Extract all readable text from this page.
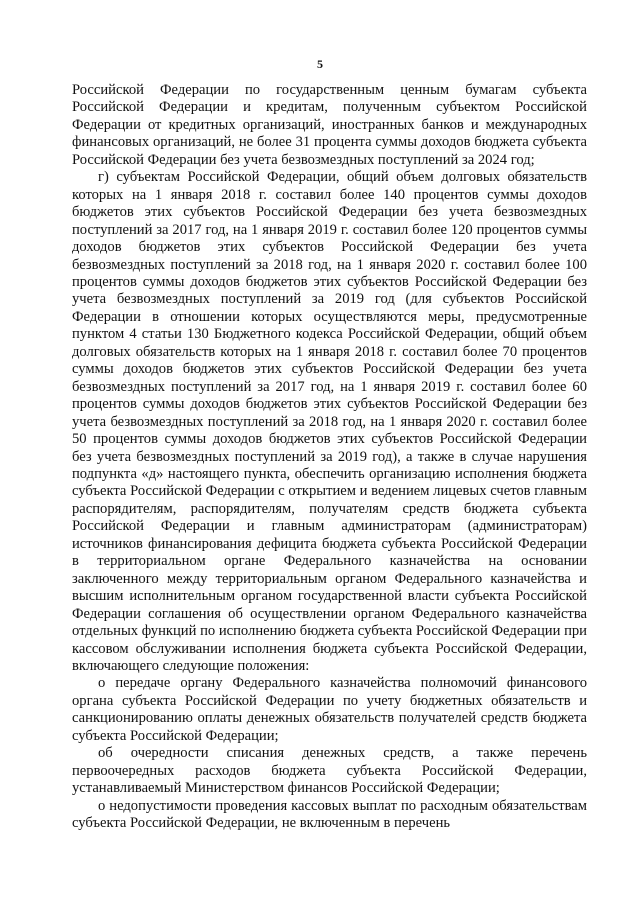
5

Российской Федерации по государственным ценным бумагам субъекта Российской Федерации и кредитам, полученным субъектом Российской Федерации от кредитных организаций, иностранных банков и международных финансовых организаций, не более 31 процента суммы доходов бюджета субъекта Российской Федерации без учета безвозмездных поступлений за 2024 год;

г) субъектам Российской Федерации, общий объем долговых обязательств которых на 1 января 2018 г. составил более 140 процентов суммы доходов бюджетов этих субъектов Российской Федерации без учета безвозмездных поступлений за 2017 год, на 1 января 2019 г. составил более 120 процентов суммы доходов бюджетов этих субъектов Российской Федерации без учета безвозмездных поступлений за 2018 год, на 1 января 2020 г. составил более 100 процентов суммы доходов бюджетов этих субъектов Российской Федерации без учета безвозмездных поступлений за 2019 год (для субъектов Российской Федерации в отношении которых осуществляются меры, предусмотренные пунктом 4 статьи 130 Бюджетного кодекса Российской Федерации, общий объем долговых обязательств которых на 1 января 2018 г. составил более 70 процентов суммы доходов бюджетов этих субъектов Российской Федерации без учета безвозмездных поступлений за 2017 год, на 1 января 2019 г. составил более 60 процентов суммы доходов бюджетов этих субъектов Российской Федерации без учета безвозмездных поступлений за 2018 год, на 1 января 2020 г. составил более 50 процентов суммы доходов бюджетов этих субъектов Российской Федерации без учета безвозмездных поступлений за 2019 год), а также в случае нарушения подпункта «д» настоящего пункта, обеспечить организацию исполнения бюджета субъекта Российской Федерации с открытием и ведением лицевых счетов главным распорядителям, распорядителям, получателям средств бюджета субъекта Российской Федерации и главным администраторам (администраторам) источников финансирования дефицита бюджета субъекта Российской Федерации в территориальном органе Федерального казначейства на основании заключенного между территориальным органом Федерального казначейства и высшим исполнительным органом государственной власти субъекта Российской Федерации соглашения об осуществлении органом Федерального казначейства отдельных функций по исполнению бюджета субъекта Российской Федерации при кассовом обслуживании исполнения бюджета субъекта Российской Федерации, включающего следующие положения:

о передаче органу Федерального казначейства полномочий финансового органа субъекта Российской Федерации по учету бюджетных обязательств и санкционированию оплаты денежных обязательств получателей средств бюджета субъекта Российской Федерации;

об очередности списания денежных средств, а также перечень первоочередных расходов бюджета субъекта Российской Федерации, устанавливаемый Министерством финансов Российской Федерации;

о недопустимости проведения кассовых выплат по расходным обязательствам субъекта Российской Федерации, не включенным в перечень
